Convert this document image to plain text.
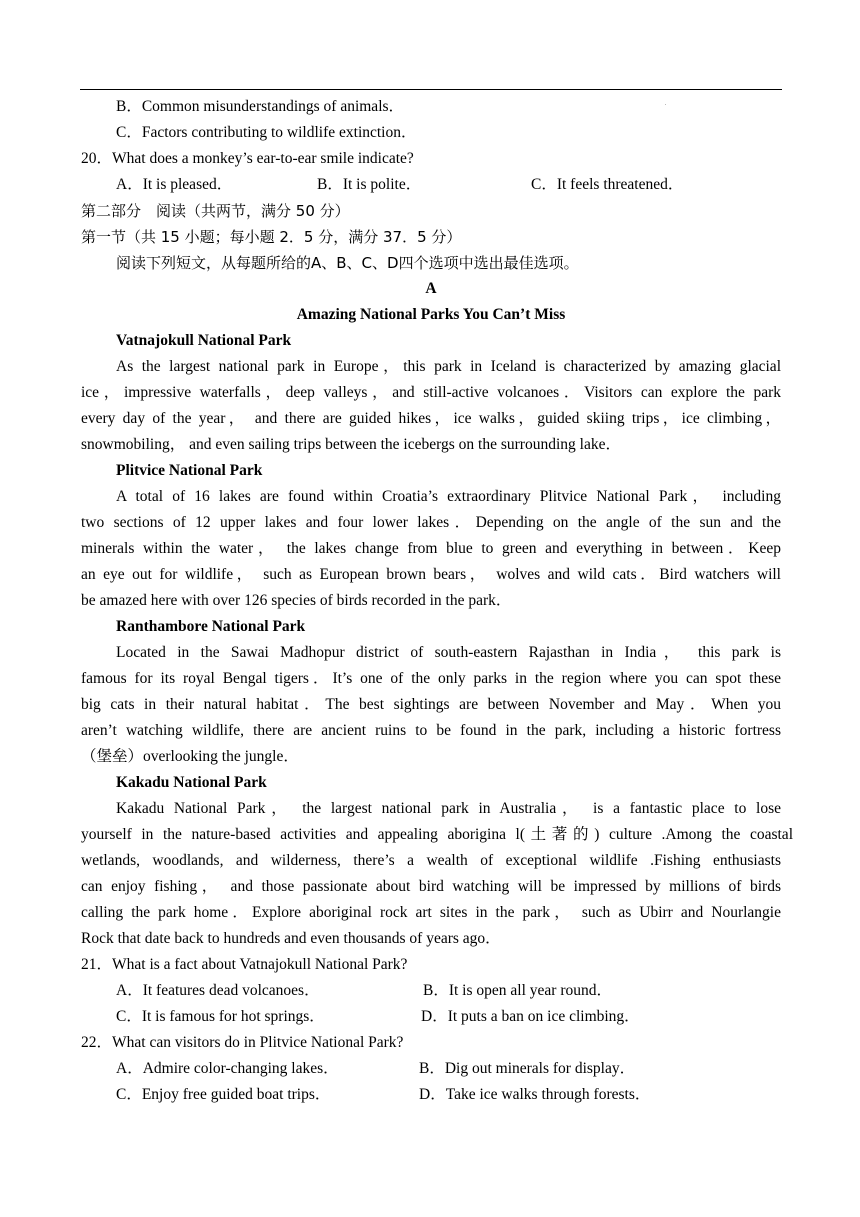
B．Common misunderstandings of animals．
C．Factors contributing to wildlife extinction．
20．What does a monkey’s ear-to-ear smile indicate?
A．It is pleased．	B．It is polite．	C．It feels threatened．
第二部分　阅读（共两节，满分 50 分）
第一节（共 15 小题；每小题 2．5 分，满分 37．5 分）
阅读下列短文，从每题所给的A、B、C、D四个选项中选出最佳选项。
A
Amazing National Parks You Can’t Miss
Vatnajokull National Park
As the largest national park in Europe，this park in Iceland is characterized by amazing glacial
ice，impressive waterfalls，deep valleys，and still-active volcanoes．Visitors can explore the park
every day of the year， and there are guided hikes，ice walks，guided skiing trips，ice climbing，
snowmobiling， and even sailing trips between the icebergs on the surrounding lake．
Plitvice National Park
A total of 16 lakes are found within Croatia’s extraordinary Plitvice National Park， including
two sections of 12 upper lakes and four lower lakes．Depending on the angle of the sun and the
minerals within the water， the lakes change from blue to green and everything in between．Keep
an eye out for wildlife， such as European brown bears， wolves and wild cats．Bird watchers will
be amazed here with over 126 species of birds recorded in the park．
Ranthambore National Park
Located in the Sawai Madhopur district of south-eastern Rajasthan in India， this park is
famous for its royal Bengal tigers．It’s one of the only parks in the region where you can spot these
big cats in their natural habitat．The best sightings are between November and May．When you
aren’t watching wildlife, there are ancient ruins to be found in the park, including a historic fortress
（堡垒）overlooking the jungle．
Kakadu National Park
Kakadu National Park， the largest national park in Australia， is a fantastic place to lose
yourself in the nature-based activities and appealing aborigina l(土著的) culture .Among the coastal
wetlands, woodlands, and wilderness, there’s a wealth of exceptional wildlife .Fishing enthusiasts
can enjoy fishing， and those passionate about bird watching will be impressed by millions of birds
calling the park home．Explore aboriginal rock art sites in the park， such as Ubirr and Nourlangie
Rock that date back to hundreds and even thousands of years ago．
21．What is a fact about Vatnajokull National Park?
A．It features dead volcanoes．	B．It is open all year round．
C．It is famous for hot springs．	D．It puts a ban on ice climbing．
22．What can visitors do in Plitvice National Park?
A．Admire color-changing lakes．	B．Dig out minerals for display．
C．Enjoy free guided boat trips．	D．Take ice walks through forests．
